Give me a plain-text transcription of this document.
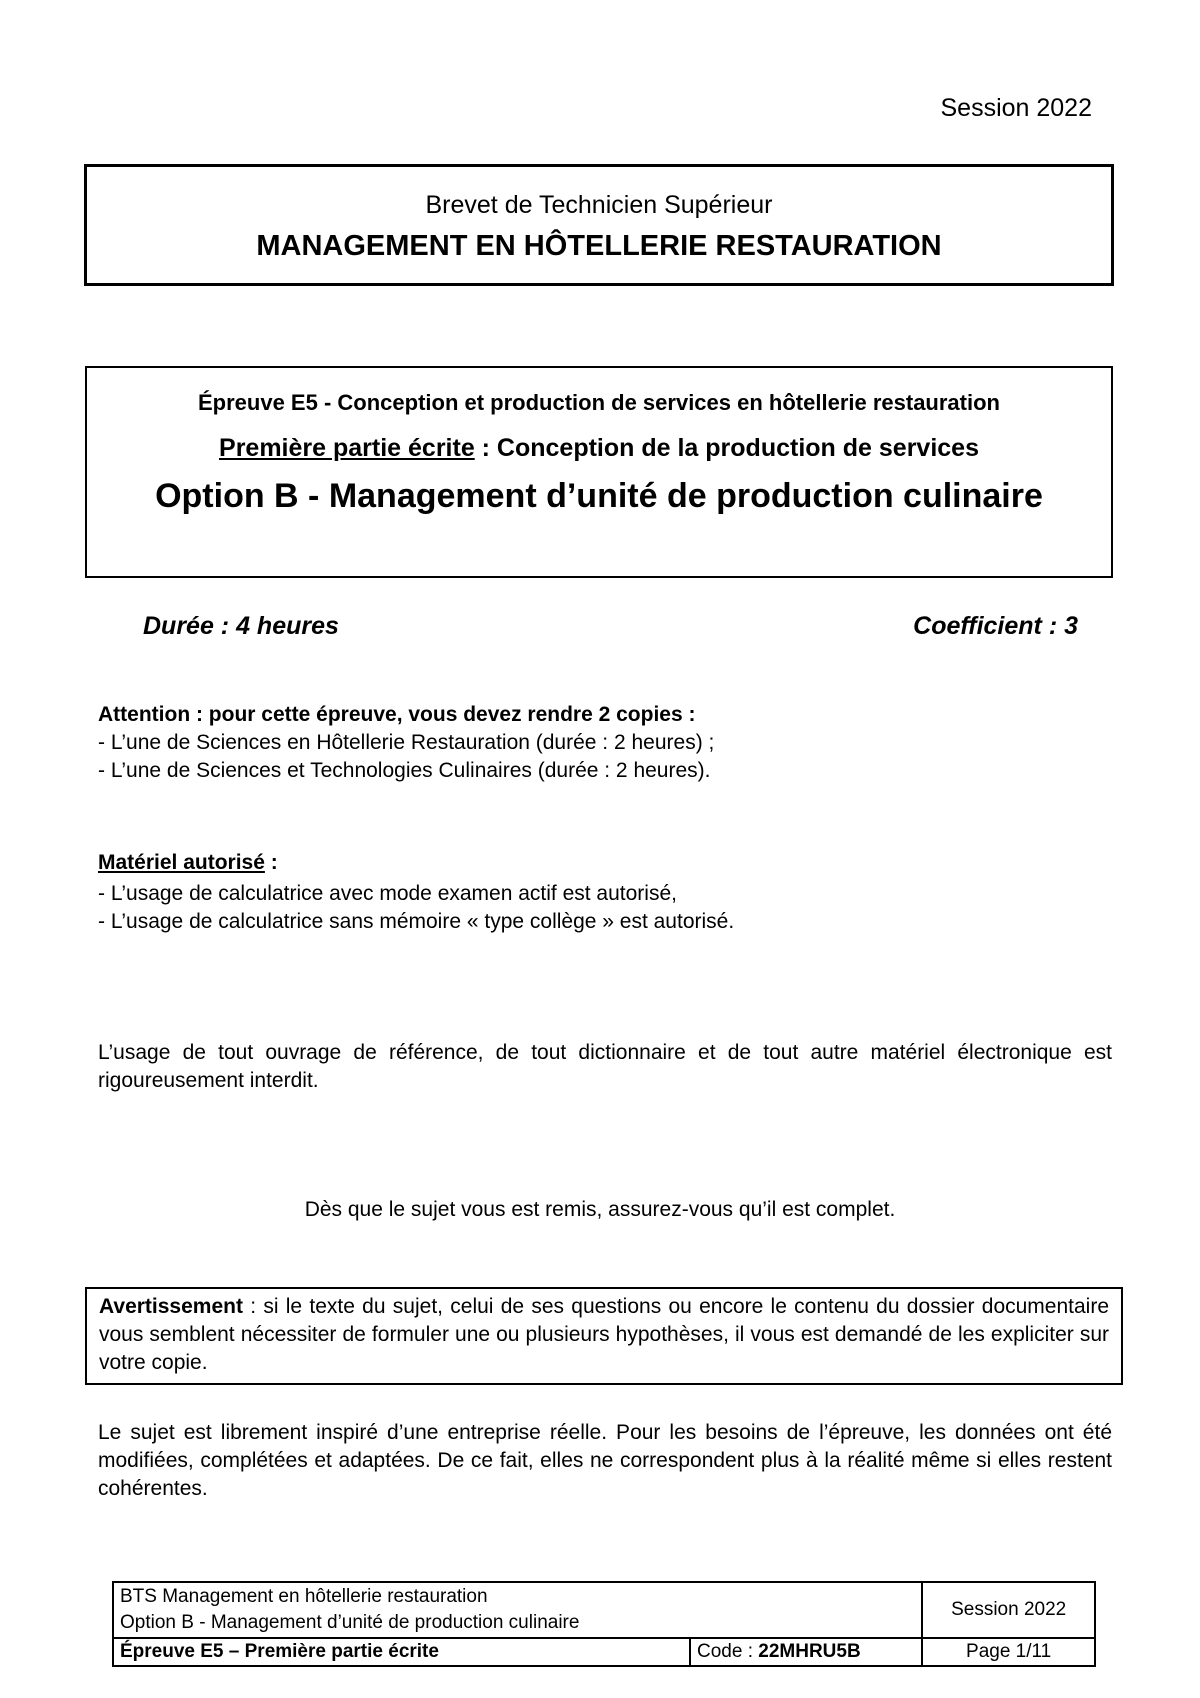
Session 2022
Brevet de Technicien Supérieur
MANAGEMENT EN HÔTELLERIE RESTAURATION
Épreuve E5 - Conception et production de services en hôtellerie restauration
Première partie écrite : Conception de la production de services
Option B - Management d’unité de production culinaire
Durée : 4 heures	Coefficient : 3
Attention : pour cette épreuve, vous devez rendre 2 copies :
- L’une de Sciences en Hôtellerie Restauration (durée : 2 heures) ;
- L’une de Sciences et Technologies Culinaires (durée : 2 heures).
Matériel autorisé :
- L’usage de calculatrice avec mode examen actif est autorisé,
- L’usage de calculatrice sans mémoire « type collège » est autorisé.
L’usage de tout ouvrage de référence, de tout dictionnaire et de tout autre matériel électronique est rigoureusement interdit.
Dès que le sujet vous est remis, assurez-vous qu’il est complet.
Avertissement : si le texte du sujet, celui de ses questions ou encore le contenu du dossier documentaire vous semblent nécessiter de formuler une ou plusieurs hypothèses, il vous est demandé de les expliciter sur votre copie.
Le sujet est librement inspiré d’une entreprise réelle. Pour les besoins de l’épreuve, les données ont été modifiées, complétées et adaptées. De ce fait, elles ne correspondent plus à la réalité même si elles restent cohérentes.
BTS Management en hôtellerie restauration
Option B - Management d’unité de production culinaire		Session 2022
Épreuve E5 – Première partie écrite	Code : 22MHRU5B	Page 1/11
